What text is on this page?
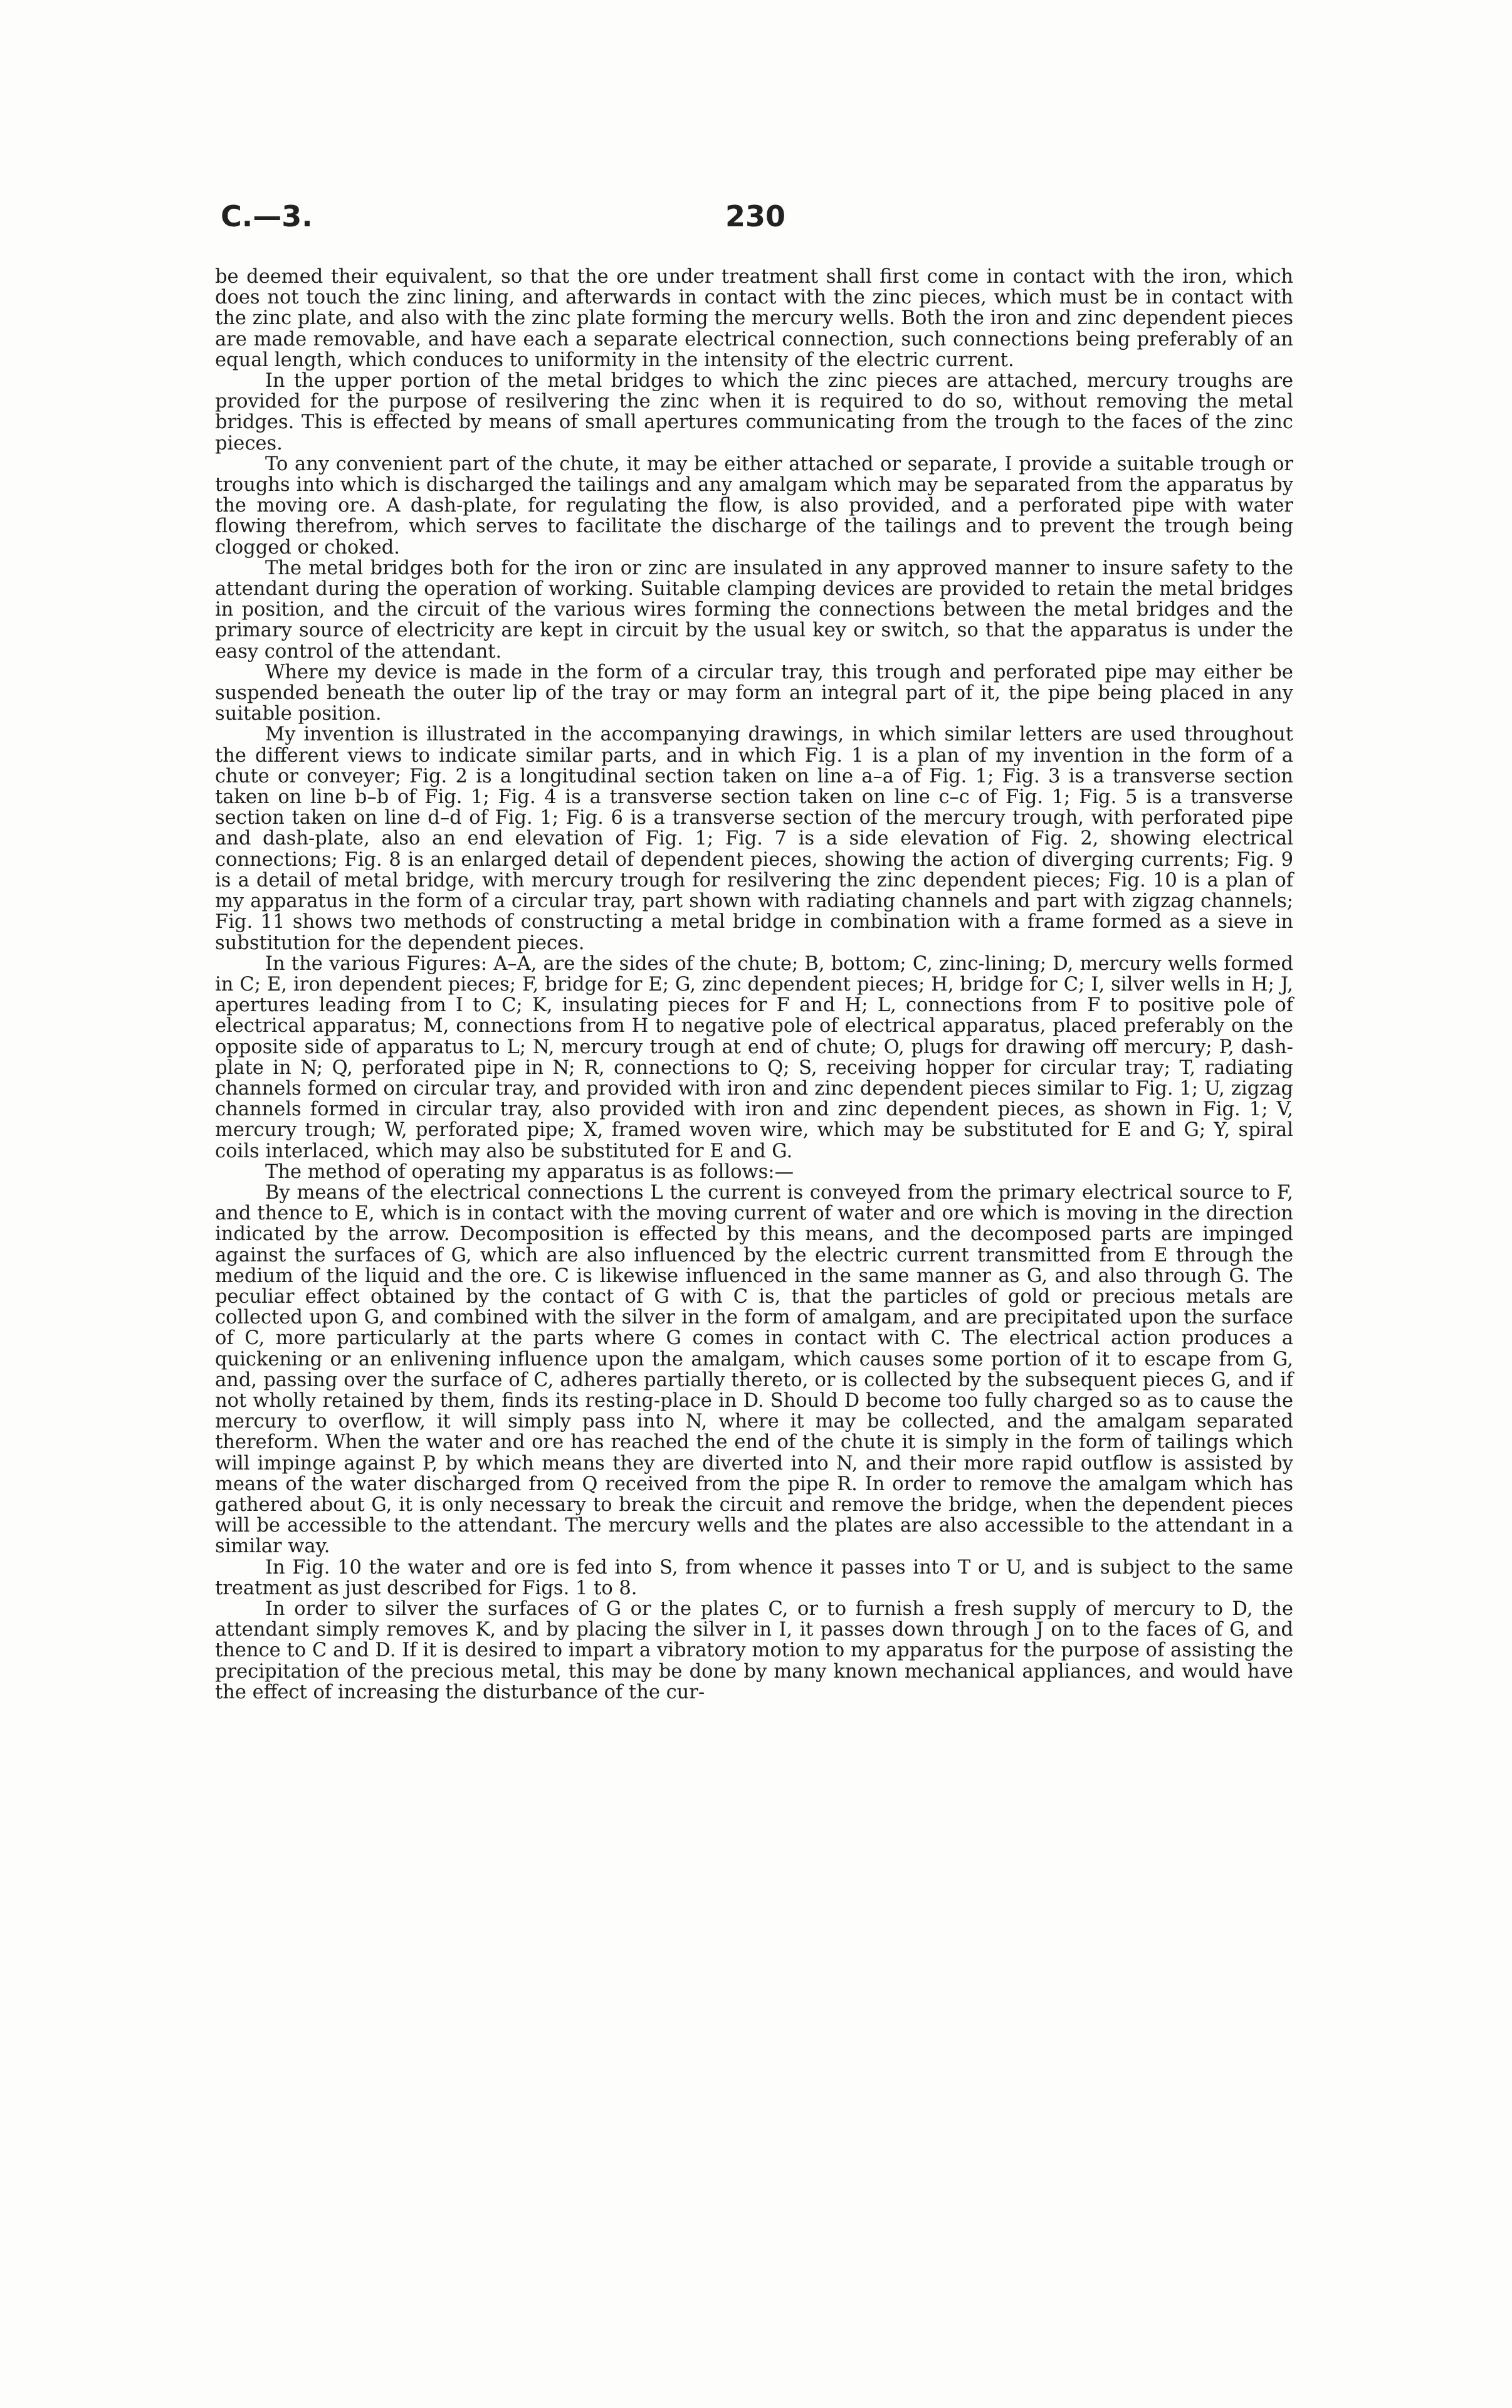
C.—3.	230

be deemed their equivalent, so that the ore under treatment shall first come in contact with the iron, which does not touch the zinc lining, and afterwards in contact with the zinc pieces, which must be in contact with the zinc plate, and also with the zinc plate forming the mercury wells. Both the iron and zinc dependent pieces are made removable, and have each a separate electrical connection, such connections being preferably of an equal length, which conduces to uniformity in the intensity of the electric current.

In the upper portion of the metal bridges to which the zinc pieces are attached, mercury troughs are provided for the purpose of resilvering the zinc when it is required to do so, without removing the metal bridges. This is effected by means of small apertures communicating from the trough to the faces of the zinc pieces.

To any convenient part of the chute, it may be either attached or separate, I provide a suitable trough or troughs into which is discharged the tailings and any amalgam which may be separated from the apparatus by the moving ore. A dash-plate, for regulating the flow, is also provided, and a perforated pipe with water flowing therefrom, which serves to facilitate the discharge of the tailings and to prevent the trough being clogged or choked.

The metal bridges both for the iron or zinc are insulated in any approved manner to insure safety to the attendant during the operation of working. Suitable clamping devices are provided to retain the metal bridges in position, and the circuit of the various wires forming the connections between the metal bridges and the primary source of electricity are kept in circuit by the usual key or switch, so that the apparatus is under the easy control of the attendant.

Where my device is made in the form of a circular tray, this trough and perforated pipe may either be suspended beneath the outer lip of the tray or may form an integral part of it, the pipe being placed in any suitable position.

My invention is illustrated in the accompanying drawings, in which similar letters are used throughout the different views to indicate similar parts, and in which Fig. 1 is a plan of my invention in the form of a chute or conveyer; Fig. 2 is a longitudinal section taken on line a–a of Fig. 1; Fig. 3 is a transverse section taken on line b–b of Fig. 1; Fig. 4 is a transverse section taken on line c–c of Fig. 1; Fig. 5 is a transverse section taken on line d–d of Fig. 1; Fig. 6 is a transverse section of the mercury trough, with perforated pipe and dash-plate, also an end elevation of Fig. 1; Fig. 7 is a side elevation of Fig. 2, showing electrical connections; Fig. 8 is an enlarged detail of dependent pieces, showing the action of diverging currents; Fig. 9 is a detail of metal bridge, with mercury trough for resilvering the zinc dependent pieces; Fig. 10 is a plan of my apparatus in the form of a circular tray, part shown with radiating channels and part with zigzag channels; Fig. 11 shows two methods of constructing a metal bridge in combination with a frame formed as a sieve in substitution for the dependent pieces.

In the various Figures: A–A, are the sides of the chute; B, bottom; C, zinc-lining; D, mercury wells formed in C; E, iron dependent pieces; F, bridge for E; G, zinc dependent pieces; H, bridge for C; I, silver wells in H; J, apertures leading from I to C; K, insulating pieces for F and H; L, connections from F to positive pole of electrical apparatus; M, connections from H to negative pole of electrical apparatus, placed preferably on the opposite side of apparatus to L; N, mercury trough at end of chute; O, plugs for drawing off mercury; P, dash-plate in N; Q, perforated pipe in N; R, connections to Q; S, receiving hopper for circular tray; T, radiating channels formed on circular tray, and provided with iron and zinc dependent pieces similar to Fig. 1; U, zigzag channels formed in circular tray, also provided with iron and zinc dependent pieces, as shown in Fig. 1; V, mercury trough; W, perforated pipe; X, framed woven wire, which may be substituted for E and G; Y, spiral coils interlaced, which may also be substituted for E and G.

The method of operating my apparatus is as follows:—

By means of the electrical connections L the current is conveyed from the primary electrical source to F, and thence to E, which is in contact with the moving current of water and ore which is moving in the direction indicated by the arrow. Decomposition is effected by this means, and the decomposed parts are impinged against the surfaces of G, which are also influenced by the electric current transmitted from E through the medium of the liquid and the ore. C is likewise influenced in the same manner as G, and also through G. The peculiar effect obtained by the contact of G with C is, that the particles of gold or precious metals are collected upon G, and combined with the silver in the form of amalgam, and are precipitated upon the surface of C, more particularly at the parts where G comes in contact with C. The electrical action produces a quickening or an enlivening influence upon the amalgam, which causes some portion of it to escape from G, and, passing over the surface of C, adheres partially thereto, or is collected by the subsequent pieces G, and if not wholly retained by them, finds its resting-place in D. Should D become too fully charged so as to cause the mercury to overflow, it will simply pass into N, where it may be collected, and the amalgam separated thereform. When the water and ore has reached the end of the chute it is simply in the form of tailings which will impinge against P, by which means they are diverted into N, and their more rapid outflow is assisted by means of the water discharged from Q received from the pipe R. In order to remove the amalgam which has gathered about G, it is only necessary to break the circuit and remove the bridge, when the dependent pieces will be accessible to the attendant. The mercury wells and the plates are also accessible to the attendant in a similar way.

In Fig. 10 the water and ore is fed into S, from whence it passes into T or U, and is subject to the same treatment as just described for Figs. 1 to 8.

In order to silver the surfaces of G or the plates C, or to furnish a fresh supply of mercury to D, the attendant simply removes K, and by placing the silver in I, it passes down through J on to the faces of G, and thence to C and D. If it is desired to impart a vibratory motion to my apparatus for the purpose of assisting the precipitation of the precious metal, this may be done by many known mechanical appliances, and would have the effect of increasing the disturbance of the cur-
